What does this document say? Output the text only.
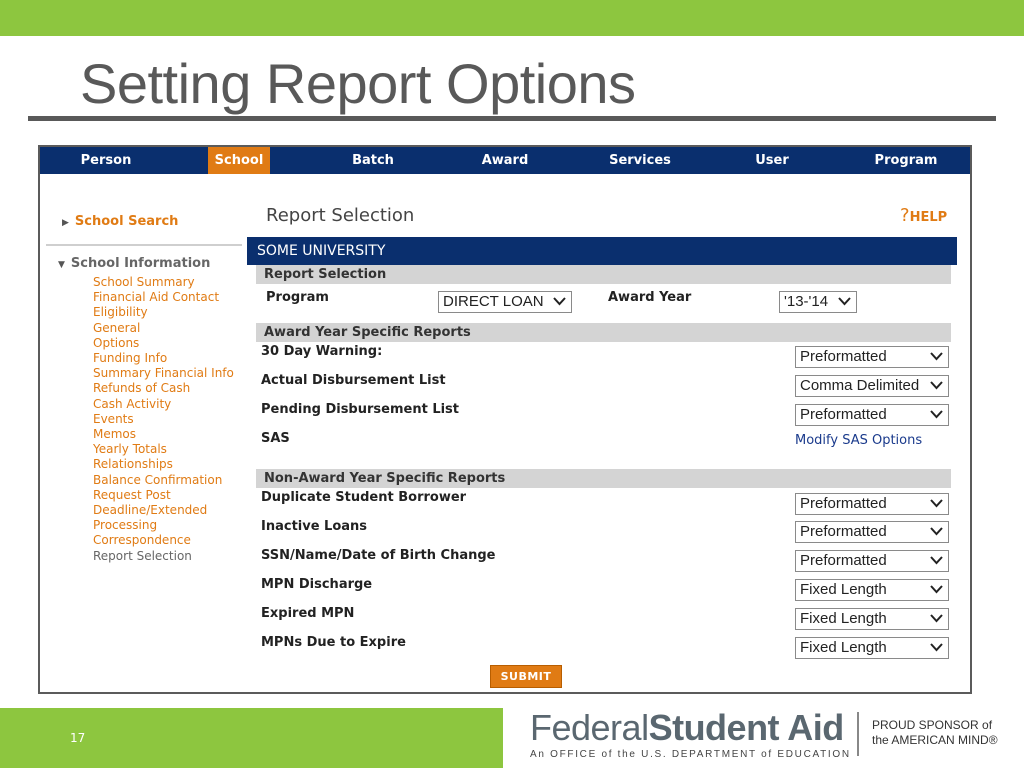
Setting Report Options
Person	School	Batch	Award	Services	User	Program
▶ School Search
▼ School Information
School Summary
Financial Aid Contact
Eligibility
General
Options
Funding Info
Summary Financial Info
Refunds of Cash
Cash Activity
Events
Memos
Yearly Totals
Relationships
Balance Confirmation
Request Post
Deadline/Extended
Processing
Correspondence
Report Selection
Report Selection	?HELP
SOME UNIVERSITY
Report Selection
Program	DIRECT LOAN	Award Year	'13-'14
Award Year Specific Reports
30 Day Warning:	Preformatted
Actual Disbursement List	Comma Delimited
Pending Disbursement List	Preformatted
SAS	Modify SAS Options
Non-Award Year Specific Reports
Duplicate Student Borrower	Preformatted
Inactive Loans	Preformatted
SSN/Name/Date of Birth Change	Preformatted
MPN Discharge	Fixed Length
Expired MPN	Fixed Length
MPNs Due to Expire	Fixed Length
SUBMIT
17	FederalStudent Aid
An OFFICE of the U.S. DEPARTMENT of EDUCATION
PROUD SPONSOR of
the AMERICAN MIND®
